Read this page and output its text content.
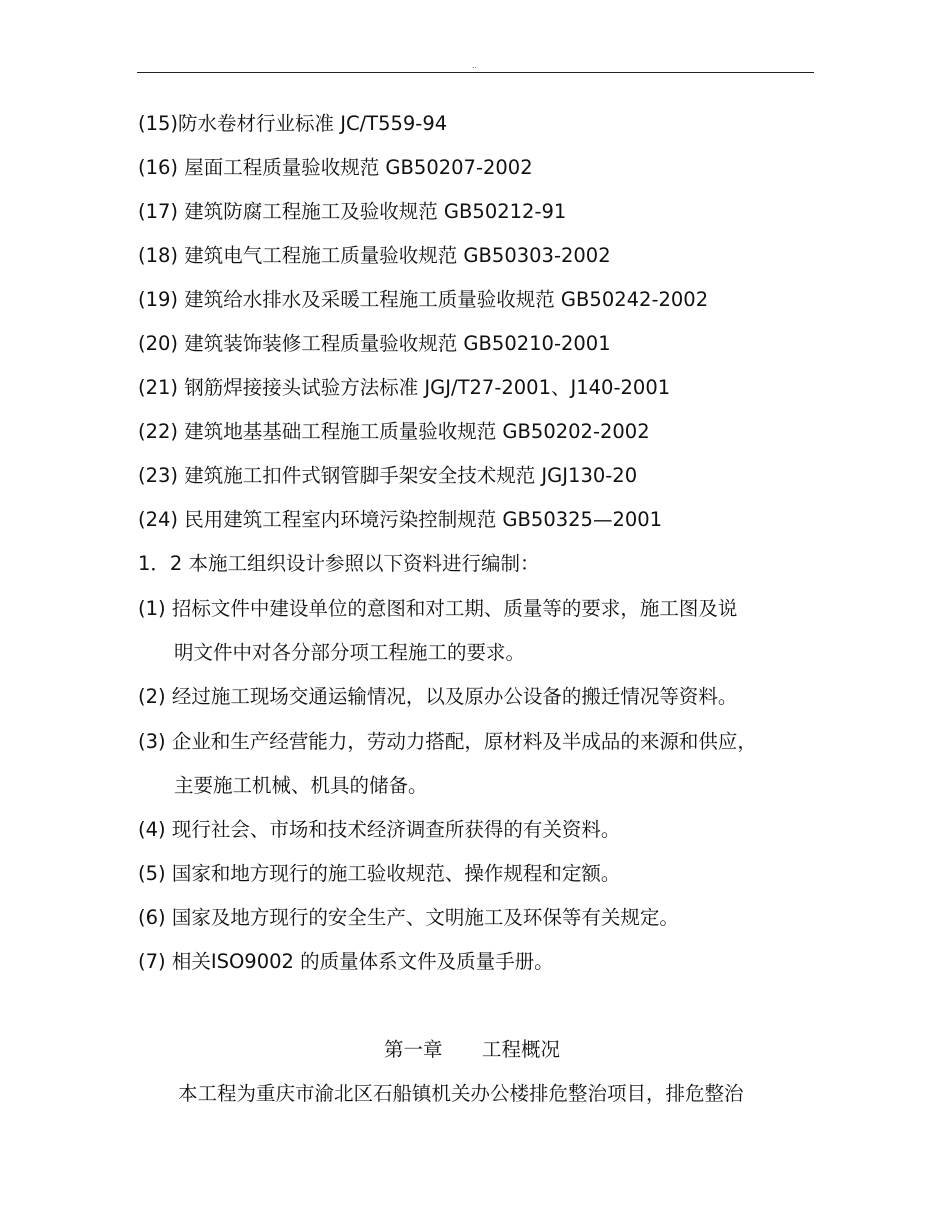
..
(15)防水卷材行业标准 JC/T559-94
(16) 屋面工程质量验收规范 GB50207-2002
(17) 建筑防腐工程施工及验收规范 GB50212-91
(18) 建筑电气工程施工质量验收规范 GB50303-2002
(19) 建筑给水排水及采暖工程施工质量验收规范 GB50242-2002
(20) 建筑装饰装修工程质量验收规范 GB50210-2001
(21) 钢筋焊接接头试验方法标准 JGJ/T27-2001、J140-2001
(22) 建筑地基基础工程施工质量验收规范 GB50202-2002
(23) 建筑施工扣件式钢管脚手架安全技术规范 JGJ130-20
(24) 民用建筑工程室内环境污染控制规范 GB50325—2001
1．2 本施工组织设计参照以下资料进行编制：
(1) 招标文件中建设单位的意图和对工期、质量等的要求，施工图及说
明文件中对各分部分项工程施工的要求。
(2) 经过施工现场交通运输情况，以及原办公设备的搬迁情况等资料。
(3) 企业和生产经营能力，劳动力搭配，原材料及半成品的来源和供应，
主要施工机械、机具的储备。
(4) 现行社会、市场和技术经济调查所获得的有关资料。
(5) 国家和地方现行的施工验收规范、操作规程和定额。
(6) 国家及地方现行的安全生产、文明施工及环保等有关规定。
(7) 相关ISO9002 的质量体系文件及质量手册。
第一章 工程概况
本工程为重庆市渝北区石船镇机关办公楼排危整治项目，排危整治
